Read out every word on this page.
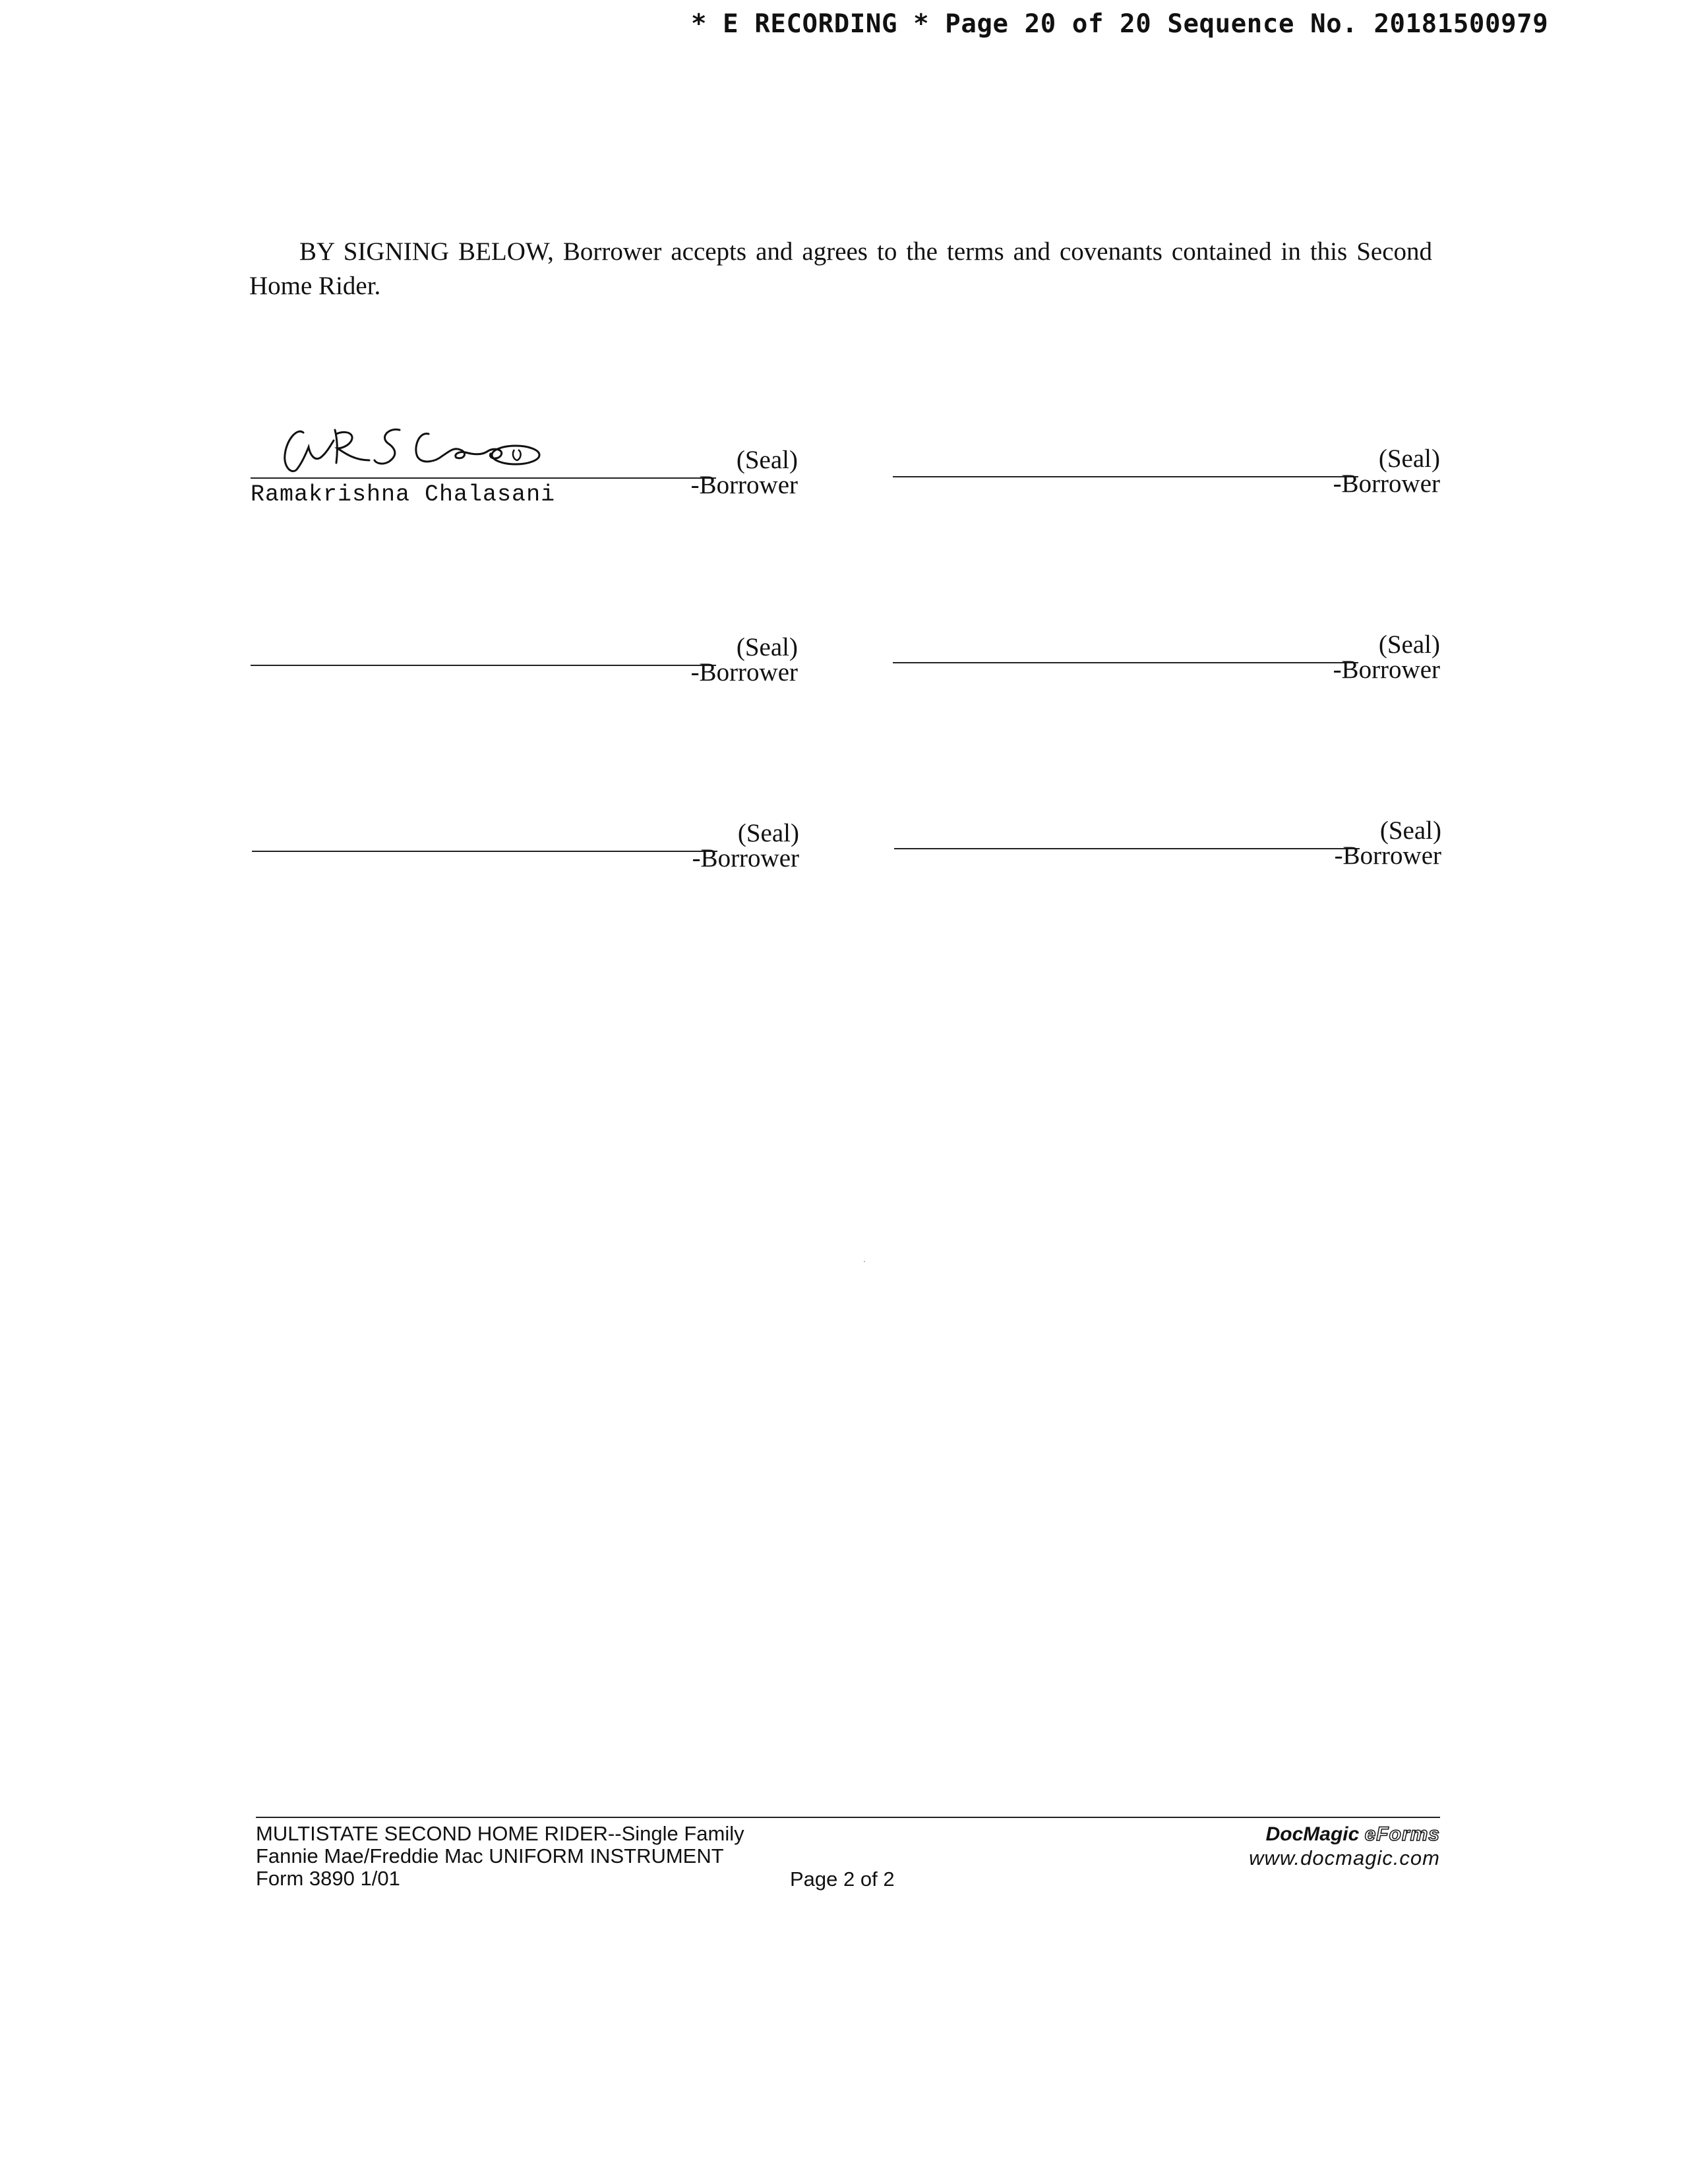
* E RECORDING * Page 20 of 20 Sequence No. 20181500979

BY SIGNING BELOW, Borrower accepts and agrees to the terms and covenants contained in this Second Home Rider.

(Seal)
-Borrower
Ramakrishna Chalasani
(Seal)
-Borrower
(Seal)
-Borrower
(Seal)
-Borrower
(Seal)
-Borrower
(Seal)
-Borrower
MULTISTATE SECOND HOME RIDER--Single Family
Fannie Mae/Freddie Mac UNIFORM INSTRUMENT
Form 3890 1/01	Page 2 of 2
DocMagic eForms
www.docmagic.com
